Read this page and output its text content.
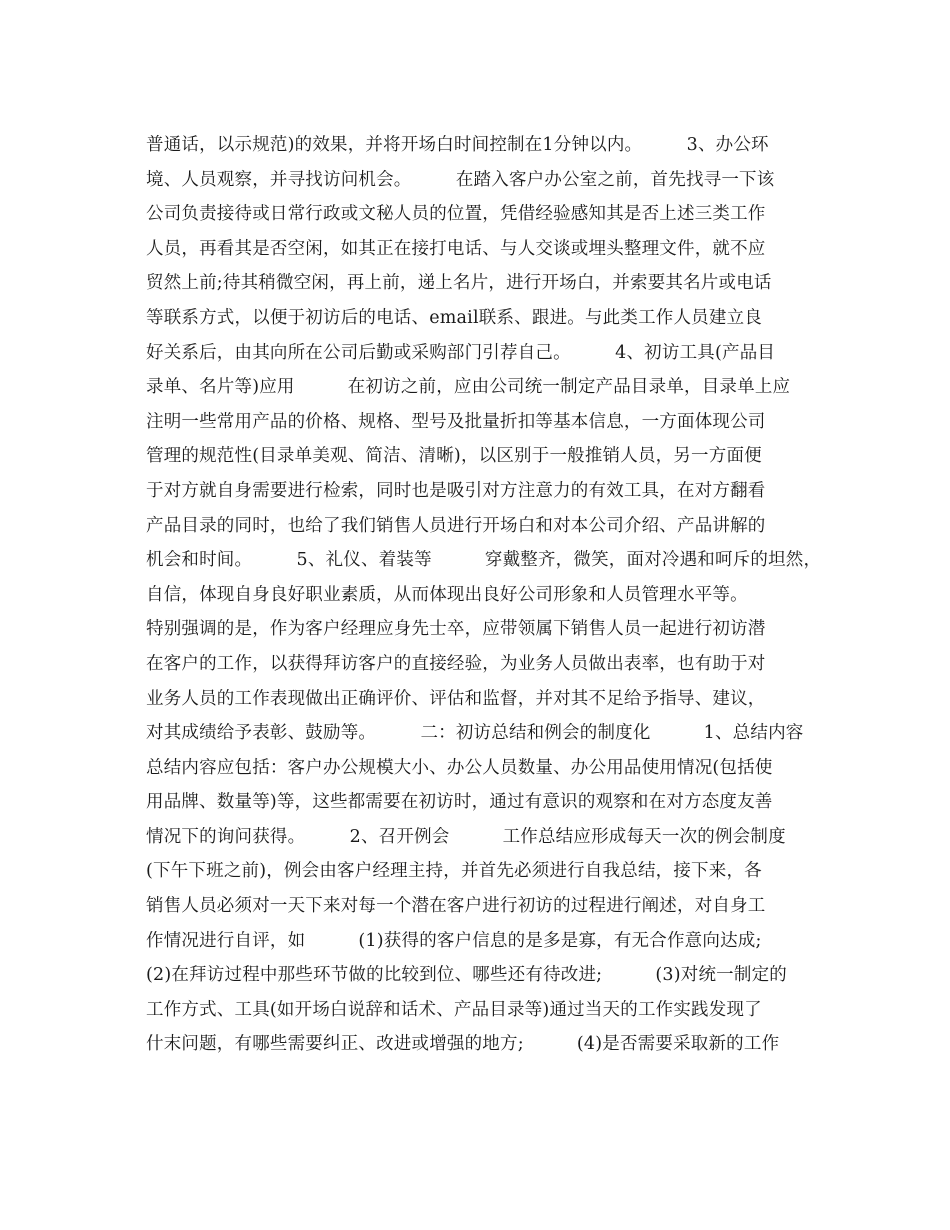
普通话，以示规范)的效果，并将开场白时间控制在1分钟以内。　　　3、办公环
境、人员观察，并寻找访问机会。　　　在踏入客户办公室之前，首先找寻一下该
公司负责接待或日常行政或文秘人员的位置，凭借经验感知其是否上述三类工作
人员，再看其是否空闲，如其正在接打电话、与人交谈或埋头整理文件，就不应
贸然上前;待其稍微空闲，再上前，递上名片，进行开场白，并索要其名片或电话
等联系方式，以便于初访后的电话、email联系、跟进。与此类工作人员建立良
好关系后，由其向所在公司后勤或采购部门引荐自己。　　　4、初访工具(产品目
录单、名片等)应用　　　在初访之前，应由公司统一制定产品目录单，目录单上应
注明一些常用产品的价格、规格、型号及批量折扣等基本信息，一方面体现公司
管理的规范性(目录单美观、简洁、清晰)，以区别于一般推销人员，另一方面便
于对方就自身需要进行检索，同时也是吸引对方注意力的有效工具，在对方翻看
产品目录的同时，也给了我们销售人员进行开场白和对本公司介绍、产品讲解的
机会和时间。　　　5、礼仪、着装等　　　穿戴整齐，微笑，面对冷遇和呵斥的坦然，
自信，体现自身良好职业素质，从而体现出良好公司形象和人员管理水平等。
特别强调的是，作为客户经理应身先士卒，应带领属下销售人员一起进行初访潜
在客户的工作，以获得拜访客户的直接经验，为业务人员做出表率，也有助于对
业务人员的工作表现做出正确评价、评估和监督，并对其不足给予指导、建议，
对其成绩给予表彰、鼓励等。　　　二：初访总结和例会的制度化　　　1、总结内容
总结内容应包括：客户办公规模大小、办公人员数量、办公用品使用情况(包括使
用品牌、数量等)等，这些都需要在初访时，通过有意识的观察和在对方态度友善
情况下的询问获得。　　　2、召开例会　　　工作总结应形成每天一次的例会制度
(下午下班之前)，例会由客户经理主持，并首先必须进行自我总结，接下来，各
销售人员必须对一天下来对每一个潜在客户进行初访的过程进行阐述，对自身工
作情况进行自评，如　　　(1)获得的客户信息的是多是寡，有无合作意向达成;
(2)在拜访过程中那些环节做的比较到位、哪些还有待改进;　　　(3)对统一制定的
工作方式、工具(如开场白说辞和话术、产品目录等)通过当天的工作实践发现了
什末问题，有哪些需要纠正、改进或增强的地方;　　　(4)是否需要采取新的工作
